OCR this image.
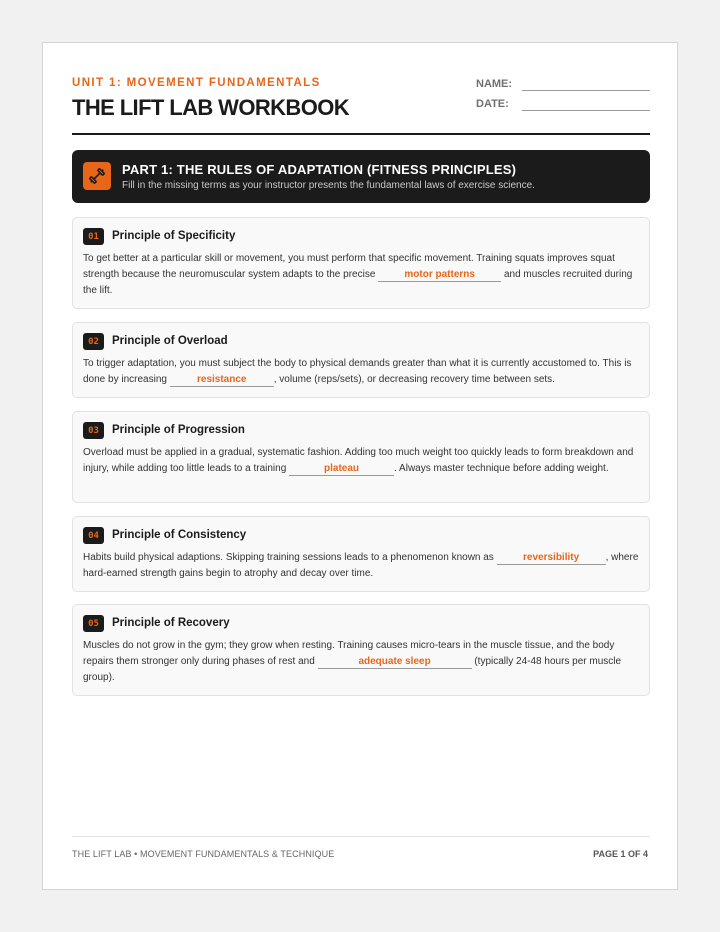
UNIT 1: MOVEMENT FUNDAMENTALS
THE LIFT LAB WORKBOOK
NAME:
DATE:
PART 1: THE RULES OF ADAPTATION (FITNESS PRINCIPLES)
Fill in the missing terms as your instructor presents the fundamental laws of exercise science.
01	Principle of Specificity
To get better at a particular skill or movement, you must perform that specific movement. Training squats improves squat strength because the neuromuscular system adapts to the precise	motor patterns	and muscles recruited during the lift.
02	Principle of Overload
To trigger adaptation, you must subject the body to physical demands greater than what it is currently accustomed to. This is done by increasing	resistance	, volume (reps/sets), or decreasing recovery time between sets.
03	Principle of Progression
Overload must be applied in a gradual, systematic fashion. Adding too much weight too quickly leads to form breakdown and injury, while adding too little leads to a training	plateau	. Always master technique before adding weight.
04	Principle of Consistency
Habits build physical adaptions. Skipping training sessions leads to a phenomenon known as	reversibility	, where hard-earned strength gains begin to atrophy and decay over time.
05	Principle of Recovery
Muscles do not grow in the gym; they grow when resting. Training causes micro-tears in the muscle tissue, and the body repairs them stronger only during phases of rest and	adequate sleep	(typically 24-48 hours per muscle group).
THE LIFT LAB • MOVEMENT FUNDAMENTALS & TECHNIQUE	PAGE 1 OF 4
